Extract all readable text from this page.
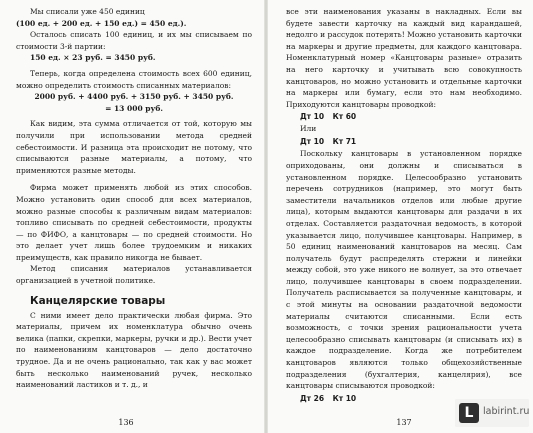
Мы списали уже 450 единиц
(100 ед. + 200 ед. + 150 ед.) = 450 ед.).
Осталось списать 100 единиц, и их мы списываем по стоимости 3-й партии:
150 ед. × 23 руб. = 3450 руб.
Теперь, когда определена стоимость всех 600 единиц, можно определить стоимость списанных материалов:
2000 руб. + 4400 руб. + 3150 руб. + 3450 руб.
= 13 000 руб.
Как видим, эта сумма отличается от той, которую мы получили при использовании метода средней себестоимости. И разница эта происходит не потому, что списываются разные материалы, а потому, что применяются разные методы.
Фирма может применять любой из этих способов. Можно установить один способ для всех материалов, можно разные способы к различным видам материалов: топливо списывать по средней себестоимости, продукты — по ФИФО, а канцтовары — по средней стоимости. Но это делает учет лишь более трудоемким и никаких преимуществ, как правило никогда не бывает.
Метод списания материалов устанавливается организацией в учетной политике.
Канцелярские товары
С ними имеет дело практически любая фирма. Это материалы, причем их номенклатура обычно очень велика (папки, скрепки, маркеры, ручки и др.). Вести учет по наименованиям канцтоваров — дело достаточно трудное. Да и не очень рационально, так как у вас может быть несколько наименований ручек, несколько наименований ластиков и т. д., и
136
все эти наименования указаны в накладных. Если вы будете завести карточку на каждый вид карандашей, недолго и рассудок потерять! Можно установить карточки на маркеры и другие предметы, для каждого канцтовара. Номенклатурный номер «Канцтовары разные» отразить на него карточку и учитывать всю совокупность канцтоваров, но можно установить и отдельные карточки на маркеры или бумагу, если это нам необходимо. Приходуются канцтовары проводкой:
Дт 10 Кт 60
Или
Дт 10 Кт 71
Поскольку канцтовары в установленном порядке оприходованы, они должны и списываться в установленном порядке. Целесообразно установить перечень сотрудников (например, это могут быть заместители начальников отделов или любые другие лица), которым выдаются канцтовары для раздачи в их отделах. Составляется раздаточная ведомость, в которой указывается лицо, получившее канцтовары. Например, в 50 единиц наименований канцтоваров на месяц. Сам получатель будут распределять стержни и линейки между собой, это уже никого не волнует, за это отвечает лицо, получившее канцтовары в своем подразделении. Получатель расписывается за полученные канцтовары, и с этой минуты на основании раздаточной ведомости материалы считаются списанными. Если есть возможность, с точки зрения рациональности учета целесообразно списывать канцтовары (и списывать их) в каждое подразделение. Когда же потребителем канцтоваров являются только общехозяйственные подразделения (бухгалтерия, канцелярия), все канцтовары списываются проводкой:
Дт 26 Кт 10
137
L	labirint.ru
